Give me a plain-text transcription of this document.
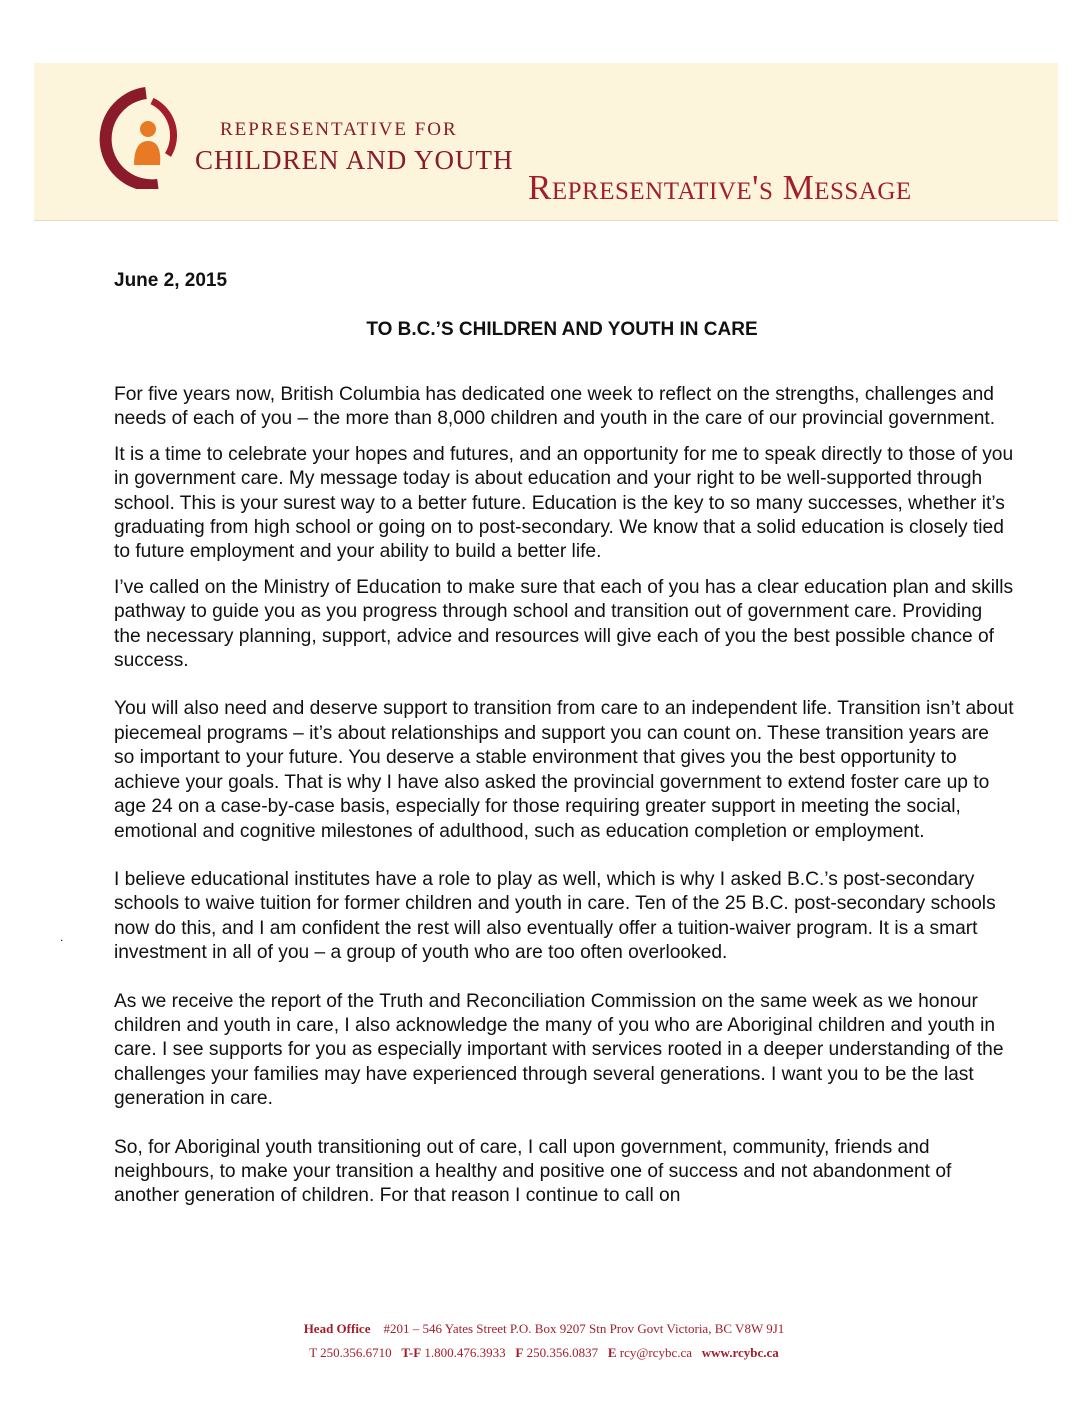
REPRESENTATIVE FOR
CHILDREN AND YOUTH
Representative's Message
June 2, 2015
TO B.C.’S CHILDREN AND YOUTH IN CARE

For five years now, British Columbia has dedicated one week to reflect on the strengths, challenges and needs of each of you – the more than 8,000 children and youth in the care of our provincial government.

It is a time to celebrate your hopes and futures, and an opportunity for me to speak directly to those of you in government care. My message today is about education and your right to be well-supported through school. This is your surest way to a better future. Education is the key to so many successes, whether it’s graduating from high school or going on to post-secondary. We know that a solid education is closely tied to future employment and your ability to build a better life.

I’ve called on the Ministry of Education to make sure that each of you has a clear education plan and skills pathway to guide you as you progress through school and transition out of government care. Providing the necessary planning, support, advice and resources will give each of you the best possible chance of success.

You will also need and deserve support to transition from care to an independent life. Transition isn’t about piecemeal programs – it’s about relationships and support you can count on. These transition years are so important to your future. You deserve a stable environment that gives you the best opportunity to achieve your goals. That is why I have also asked the provincial government to extend foster care up to age 24 on a case-by-case basis, especially for those requiring greater support in meeting the social, emotional and cognitive milestones of adulthood, such as education completion or employment.

I believe educational institutes have a role to play as well, which is why I asked B.C.’s post-secondary schools to waive tuition for former children and youth in care. Ten of the 25 B.C. post-secondary schools now do this, and I am confident the rest will also eventually offer a tuition-waiver program. It is a smart investment in all of you – a group of youth who are too often overlooked.

As we receive the report of the Truth and Reconciliation Commission on the same week as we honour children and youth in care, I also acknowledge the many of you who are Aboriginal children and youth in care. I see supports for you as especially important with services rooted in a deeper understanding of the challenges your families may have experienced through several generations. I want you to be the last generation in care.

So, for Aboriginal youth transitioning out of care, I call upon government, community, friends and neighbours, to make your transition a healthy and positive one of success and not abandonment of another generation of children. For that reason I continue to call on

.
Head Office #201 – 546 Yates Street P.O. Box 9207 Stn Prov Govt Victoria, BC V8W 9J1
T 250.356.6710 T-F 1.800.476.3933 F 250.356.0837 E rcy@rcybc.ca www.rcybc.ca
